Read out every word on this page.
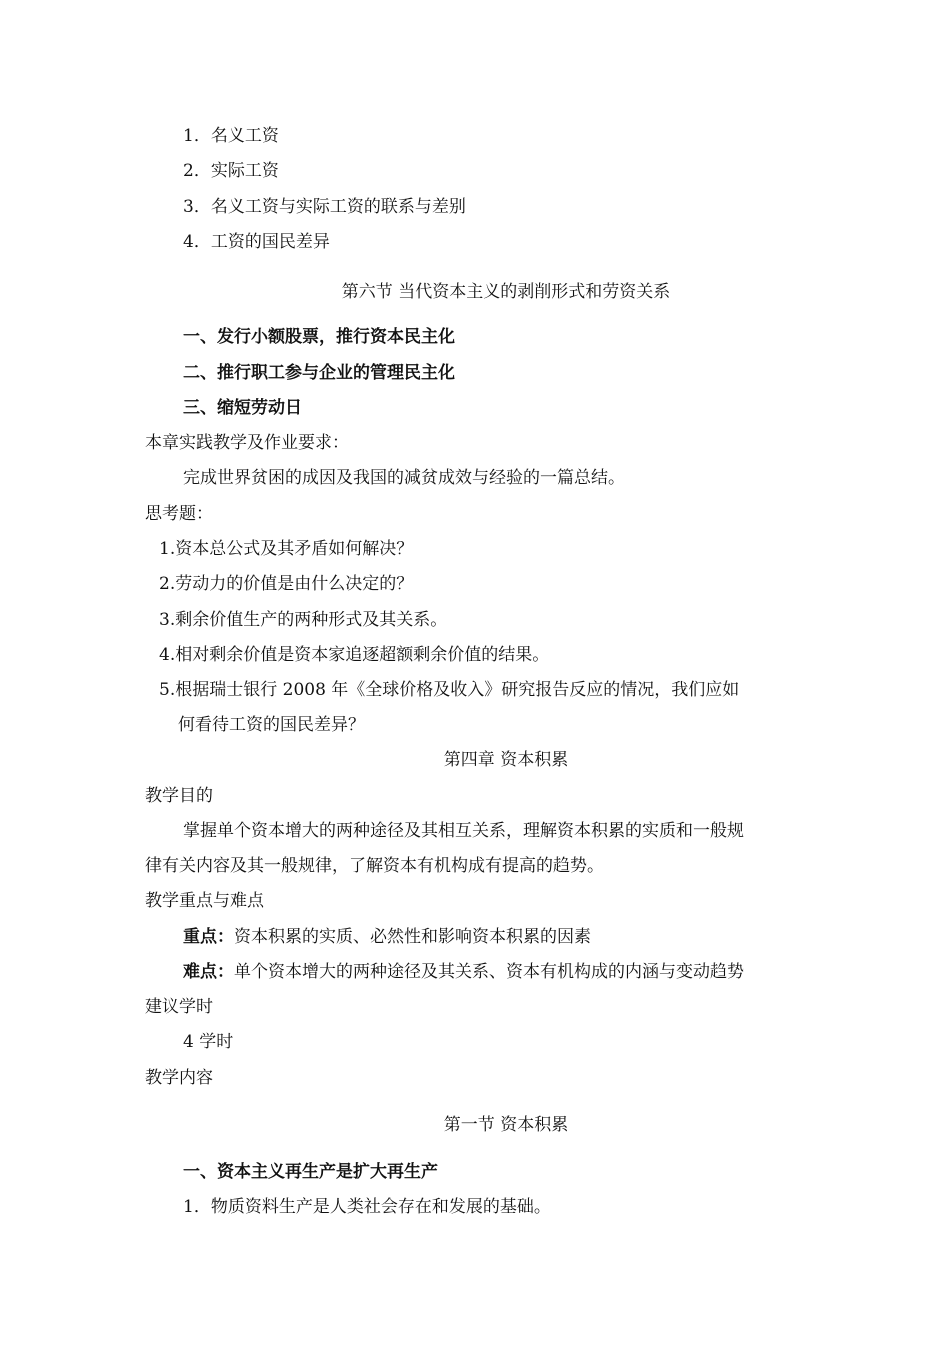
1．名义工资
2．实际工资
3．名义工资与实际工资的联系与差别
4．工资的国民差异
第六节 当代资本主义的剥削形式和劳资关系
一、发行小额股票，推行资本民主化
二、推行职工参与企业的管理民主化
三、缩短劳动日
本章实践教学及作业要求：
完成世界贫困的成因及我国的减贫成效与经验的一篇总结。
思考题：
1.资本总公式及其矛盾如何解决？
2.劳动力的价值是由什么决定的？
3.剩余价值生产的两种形式及其关系。
4.相对剩余价值是资本家追逐超额剩余价值的结果。
5.根据瑞士银行 2008 年《全球价格及收入》研究报告反应的情况，我们应如
何看待工资的国民差异？
第四章 资本积累
教学目的
掌握单个资本增大的两种途径及其相互关系，理解资本积累的实质和一般规
律有关内容及其一般规律，了解资本有机构成有提高的趋势。
教学重点与难点
重点：资本积累的实质、必然性和影响资本积累的因素
难点：单个资本增大的两种途径及其关系、资本有机构成的内涵与变动趋势
建议学时
4 学时
教学内容
第一节 资本积累
一、资本主义再生产是扩大再生产
1．物质资料生产是人类社会存在和发展的基础。
